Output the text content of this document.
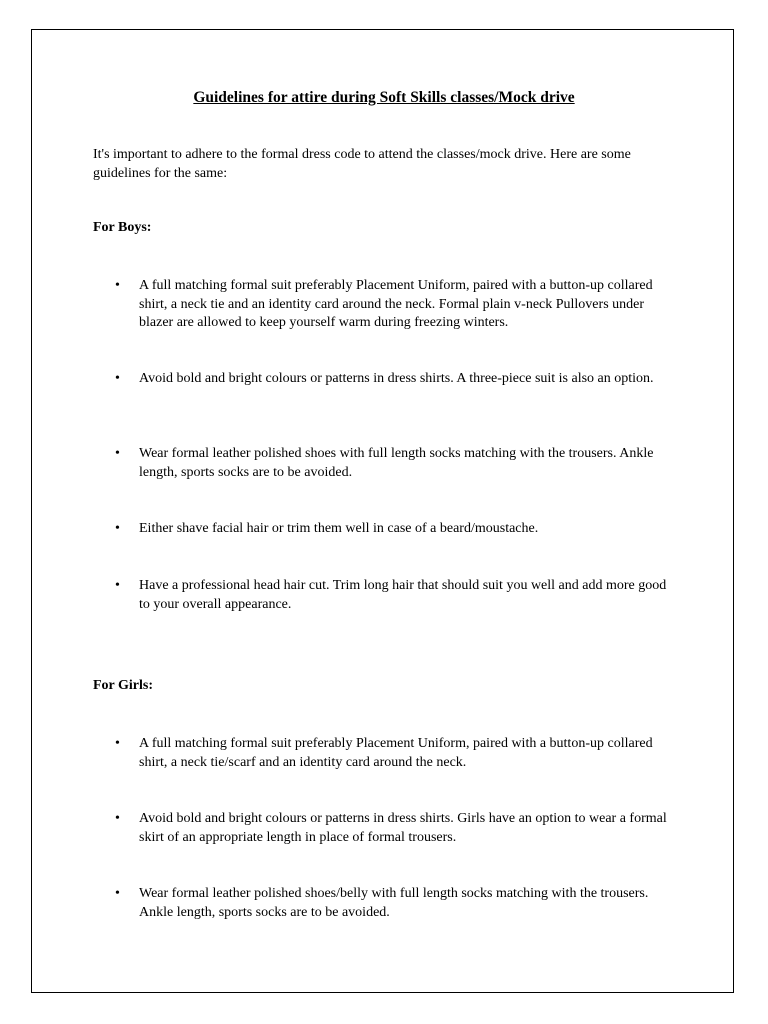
Guidelines for attire during Soft Skills classes/Mock drive

It's important to adhere to the formal dress code to attend the classes/mock drive. Here are some guidelines for the same:

For Boys:
•	A full matching formal suit preferably Placement Uniform, paired with a button-up collared shirt, a neck tie and an identity card around the neck. Formal plain v-neck Pullovers under blazer are allowed to keep yourself warm during freezing winters.
•	Avoid bold and bright colours or patterns in dress shirts. A three-piece suit is also an option.
•	Wear formal leather polished shoes with full length socks matching with the trousers. Ankle length, sports socks are to be avoided.
•	Either shave facial hair or trim them well in case of a beard/moustache.
•	Have a professional head hair cut. Trim long hair that should suit you well and add more good to your overall appearance.
For Girls:
•	A full matching formal suit preferably Placement Uniform, paired with a button-up collared shirt, a neck tie/scarf and an identity card around the neck.
•	Avoid bold and bright colours or patterns in dress shirts. Girls have an option to wear a formal skirt of an appropriate length in place of formal trousers.
•	Wear formal leather polished shoes/belly with full length socks matching with the trousers. Ankle length, sports socks are to be avoided.
